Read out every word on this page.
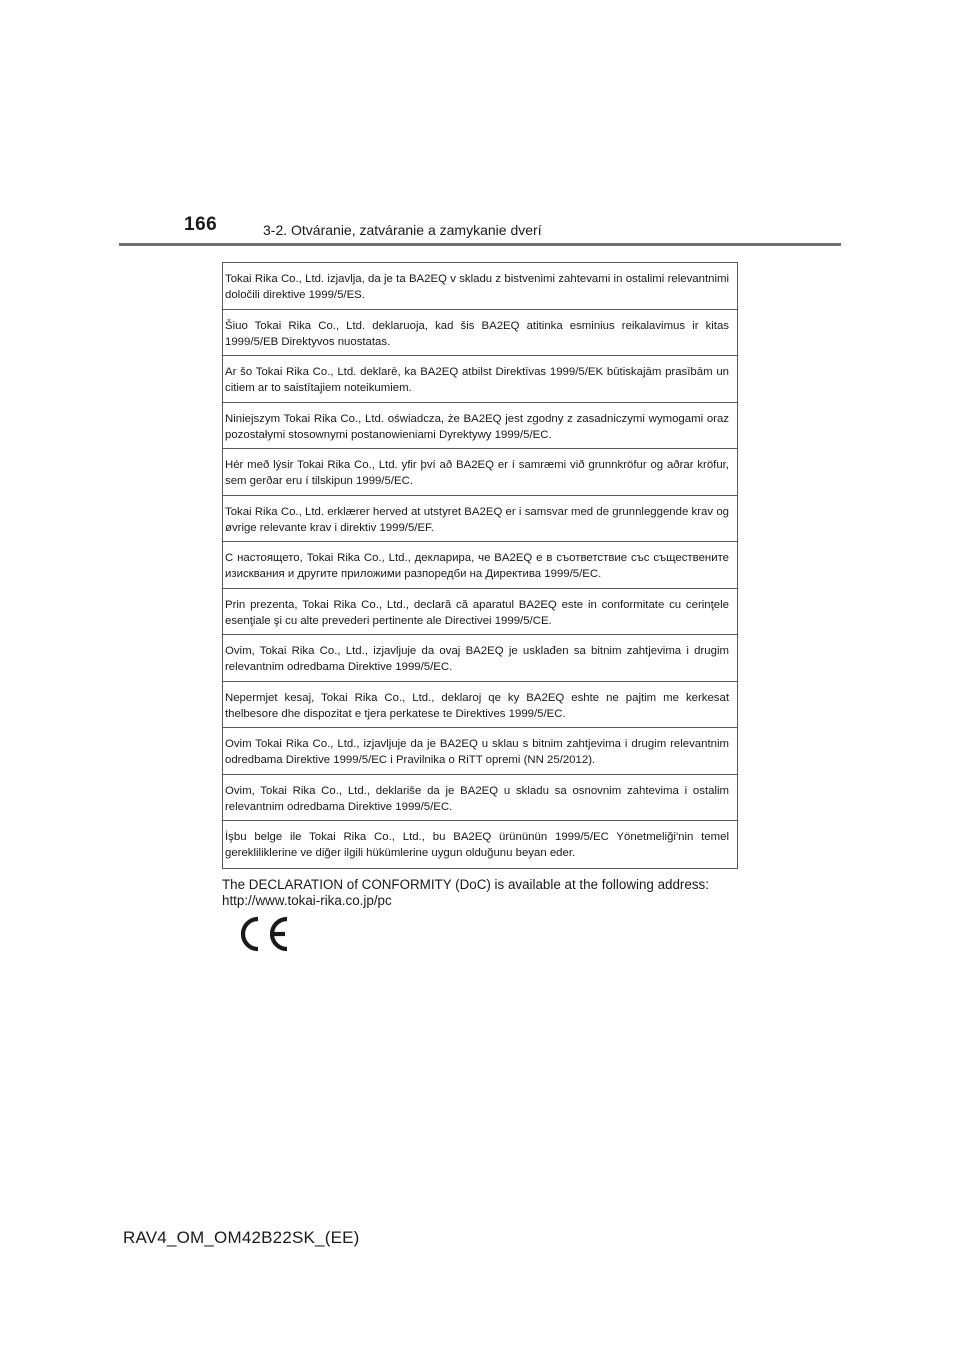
166	3-2. Otváranie, zatváranie a zamykanie dverí
Tokai Rika Co., Ltd. izjavlja, da je ta BA2EQ v skladu z bistvenimi zahtevami in ostalimi relevantnimi določili direktive 1999/5/ES.
Šiuo Tokai Rika Co., Ltd. deklaruoja, kad šis BA2EQ atitinka esminius reikalavimus ir kitas 1999/5/EB Direktyvos nuostatas.
Ar šo Tokai Rika Co., Ltd. deklarē, ka BA2EQ atbilst Direktīvas 1999/5/EK būtiskajām prasībām un citiem ar to saistītajiem noteikumiem.
Niniejszym Tokai Rika Co., Ltd. oświadcza, że BA2EQ jest zgodny z zasadniczymi wymogami oraz pozostałymi stosownymi postanowieniami Dyrektywy 1999/5/EC.
Hér með lýsir Tokai Rika Co., Ltd. yfir því að BA2EQ er í samræmi við grunnkröfur og aðrar kröfur, sem gerðar eru í tilskipun 1999/5/EC.
Tokai Rika Co., Ltd. erklærer herved at utstyret BA2EQ er i samsvar med de grunnleggende krav og øvrige relevante krav i direktiv 1999/5/EF.
С настоящето, Tokai Rika Co., Ltd., декларира, че BA2EQ е в съответствие със съществените изисквания и другите приложими разпоредби на Директива 1999/5/EC.
Prin prezenta, Tokai Rika Co., Ltd., declară că aparatul BA2EQ este in conformitate cu cerinţele esenţiale şi cu alte prevederi pertinente ale Directivei 1999/5/CE.
Ovim, Tokai Rika Co., Ltd., izjavljuje da ovaj BA2EQ je usklađen sa bitnim zahtjevima i drugim relevantnim odredbama Direktive 1999/5/EC.
Nepermjet kesaj, Tokai Rika Co., Ltd., deklaroj qe ky BA2EQ eshte ne pajtim me kerkesat thelbesore dhe dispozitat e tjera perkatese te Direktives 1999/5/EC.
Ovim Tokai Rika Co., Ltd., izjavljuje da je BA2EQ u sklau s bitnim zahtjevima i drugim relevantnim odredbama Direktive 1999/5/EC i Pravilnika o RiTT opremi (NN 25/2012).
Ovim, Tokai Rika Co., Ltd., deklariše da je BA2EQ u skladu sa osnovnim zahtevima i ostalim relevantnim odredbama Direktive 1999/5/EC.
İşbu belge ile Tokai Rika Co., Ltd., bu BA2EQ ürününün 1999/5/EC Yönetmeliği'nin temel gerekliliklerine ve diğer ilgili hükümlerine uygun olduğunu beyan eder.
The DECLARATION of CONFORMITY (DoC) is available at the following address:
http://www.tokai-rika.co.jp/pc
RAV4_OM_OM42B22SK_(EE)
